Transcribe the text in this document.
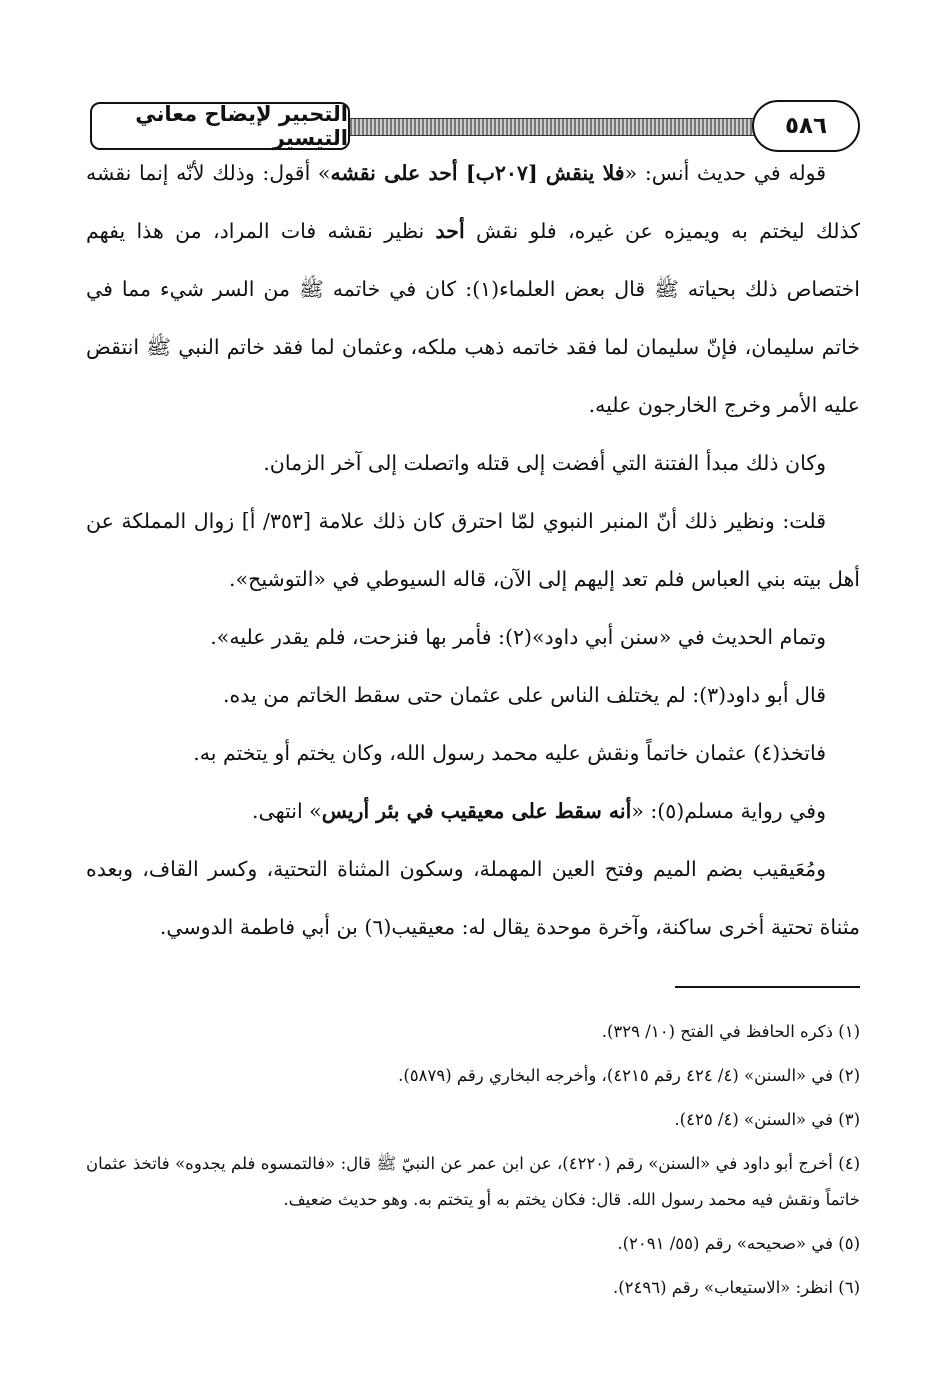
التحبير لإيضاح معاني التيسير	٥٨٦

قوله في حديث أنس: «فلا ينقش [٢٠٧ب] أحد على نقشه» أقول: وذلك لأنّه إنما نقشه كذلك ليختم به ويميزه عن غيره، فلو نقش أحد نظير نقشه فات المراد، من هذا يفهم اختصاص ذلك بحياته ﷺ قال بعض العلماء(١): كان في خاتمه ﷺ من السر شيء مما في خاتم سليمان، فإنّ سليمان لما فقد خاتمه ذهب ملكه، وعثمان لما فقد خاتم النبي ﷺ انتقض عليه الأمر وخرج الخارجون عليه.

وكان ذلك مبدأ الفتنة التي أفضت إلى قتله واتصلت إلى آخر الزمان.

قلت: ونظير ذلك أنّ المنبر النبوي لمّا احترق كان ذلك علامة [٣٥٣/ أ] زوال المملكة عن أهل بيته بني العباس فلم تعد إليهم إلى الآن، قاله السيوطي في «التوشيح».

وتمام الحديث في «سنن أبي داود»(٢): فأمر بها فنزحت، فلم يقدر عليه».

قال أبو داود(٣): لم يختلف الناس على عثمان حتى سقط الخاتم من يده.

فاتخذ(٤) عثمان خاتماً ونقش عليه محمد رسول الله، وكان يختم أو يتختم به.

وفي رواية مسلم(٥): «أنه سقط على معيقيب في بئر أريس» انتهى.

ومُعَيقيب بضم الميم وفتح العين المهملة، وسكون المثناة التحتية، وكسر القاف، وبعده مثناة تحتية أخرى ساكنة، وآخرة موحدة يقال له: معيقيب(٦) بن أبي فاطمة الدوسي.

(١) ذكره الحافظ في الفتح (١٠/ ٣٢٩).

(٢) في «السنن» (٤/ ٤٢٤ رقم ٤٢١٥)، وأخرجه البخاري رقم (٥٨٧٩).

(٣) في «السنن» (٤/ ٤٢٥).

(٤) أخرج أبو داود في «السنن» رقم (٤٢٢٠)، عن ابن عمر عن النبيّ ﷺ قال: «فالتمسوه فلم يجدوه» فاتخذ عثمان خاتماً ونقش فيه محمد رسول الله. قال: فكان يختم به أو يتختم به. وهو حديث ضعيف.

(٥) في «صحيحه» رقم (٥٥/ ٢٠٩١).

(٦) انظر: «الاستيعاب» رقم (٢٤٩٦).
